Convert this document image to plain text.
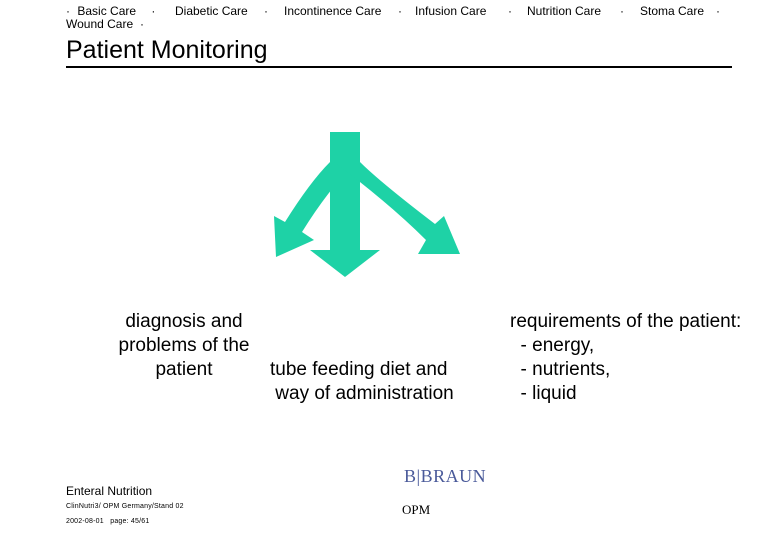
· Basic Care · Diabetic Care · Incontinence Care · Infusion Care · Nutrition Care · Stoma Care ·
Wound Care ·
Patient Monitoring
diagnosis and
problems of the
patient	tube feeding diet and
way of administration
requirements of the patient:
- energy,
- nutrients,
- liquid
Enteral Nutrition
ClinNutri3/ OPM Germany/Stand 02
2002-08-01   page: 45/61
B|BRAUN
OPM
